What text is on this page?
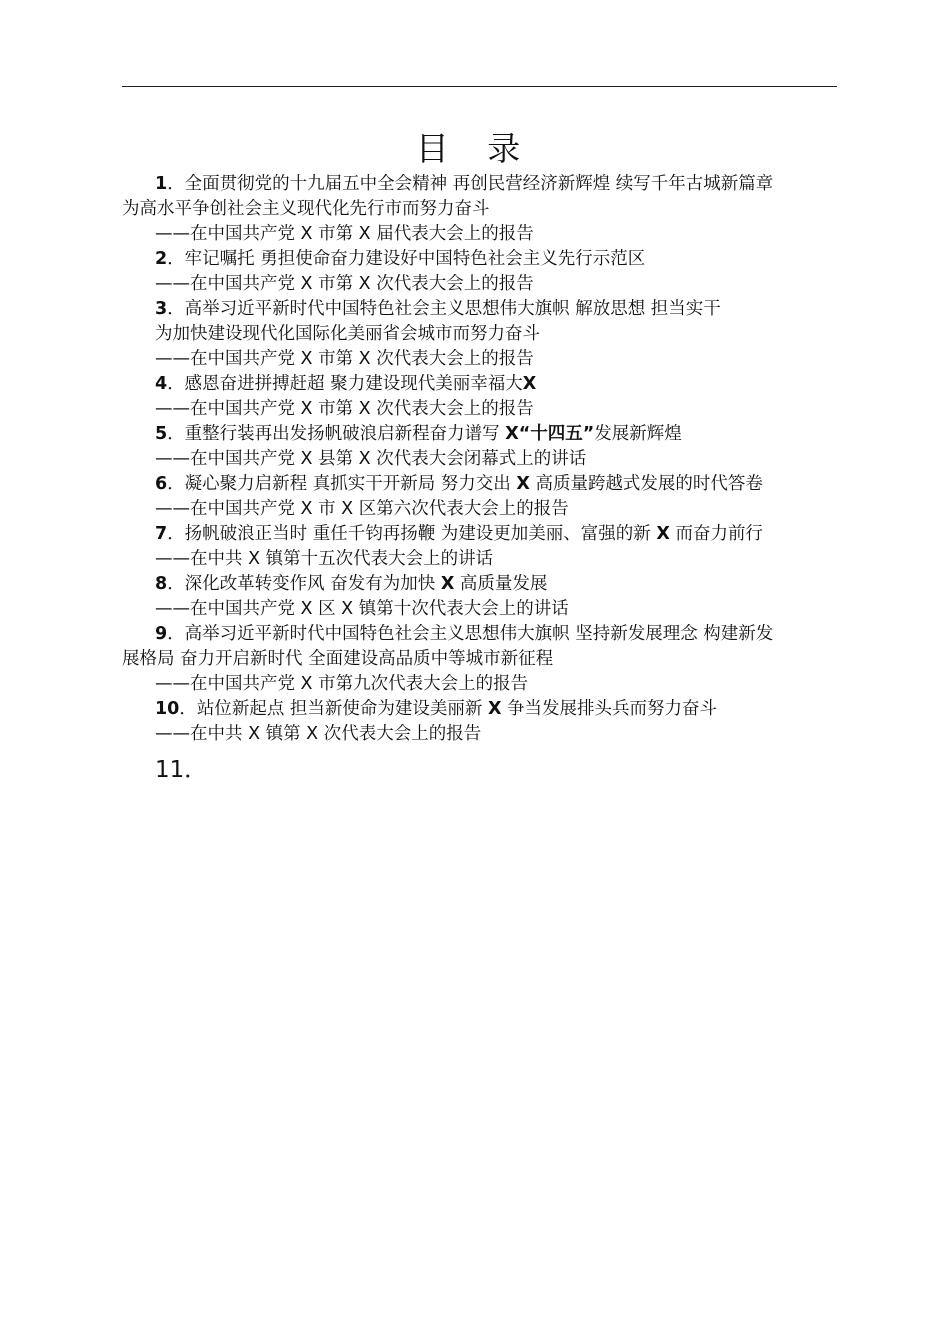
目 录
1．全面贯彻党的十九届五中全会精神 再创民营经济新辉煌 续写千年古城新篇章
为高水平争创社会主义现代化先行市而努力奋斗
——在中国共产党 X 市第 X 届代表大会上的报告
2．牢记嘱托 勇担使命奋力建设好中国特色社会主义先行示范区
——在中国共产党 X 市第 X 次代表大会上的报告
3．高举习近平新时代中国特色社会主义思想伟大旗帜 解放思想 担当实干
为加快建设现代化国际化美丽省会城市而努力奋斗
——在中国共产党 X 市第 X 次代表大会上的报告
4．感恩奋进拼搏赶超 聚力建设现代美丽幸福大X
——在中国共产党 X 市第 X 次代表大会上的报告
5．重整行装再出发扬帆破浪启新程奋力谱写 X“十四五”发展新辉煌
——在中国共产党 X 县第 X 次代表大会闭幕式上的讲话
6．凝心聚力启新程 真抓实干开新局 努力交出 X 高质量跨越式发展的时代答卷
——在中国共产党 X 市 X 区第六次代表大会上的报告
7．扬帆破浪正当时 重任千钧再扬鞭 为建设更加美丽、富强的新 X 而奋力前行
——在中共 X 镇第十五次代表大会上的讲话
8．深化改革转变作风 奋发有为加快 X 高质量发展
——在中国共产党 X 区 X 镇第十次代表大会上的讲话
9．高举习近平新时代中国特色社会主义思想伟大旗帜 坚持新发展理念 构建新发
展格局 奋力开启新时代 全面建设高品质中等城市新征程
——在中国共产党 X 市第九次代表大会上的报告
10．站位新起点 担当新使命为建设美丽新 X 争当发展排头兵而努力奋斗
——在中共 X 镇第 X 次代表大会上的报告
11．
